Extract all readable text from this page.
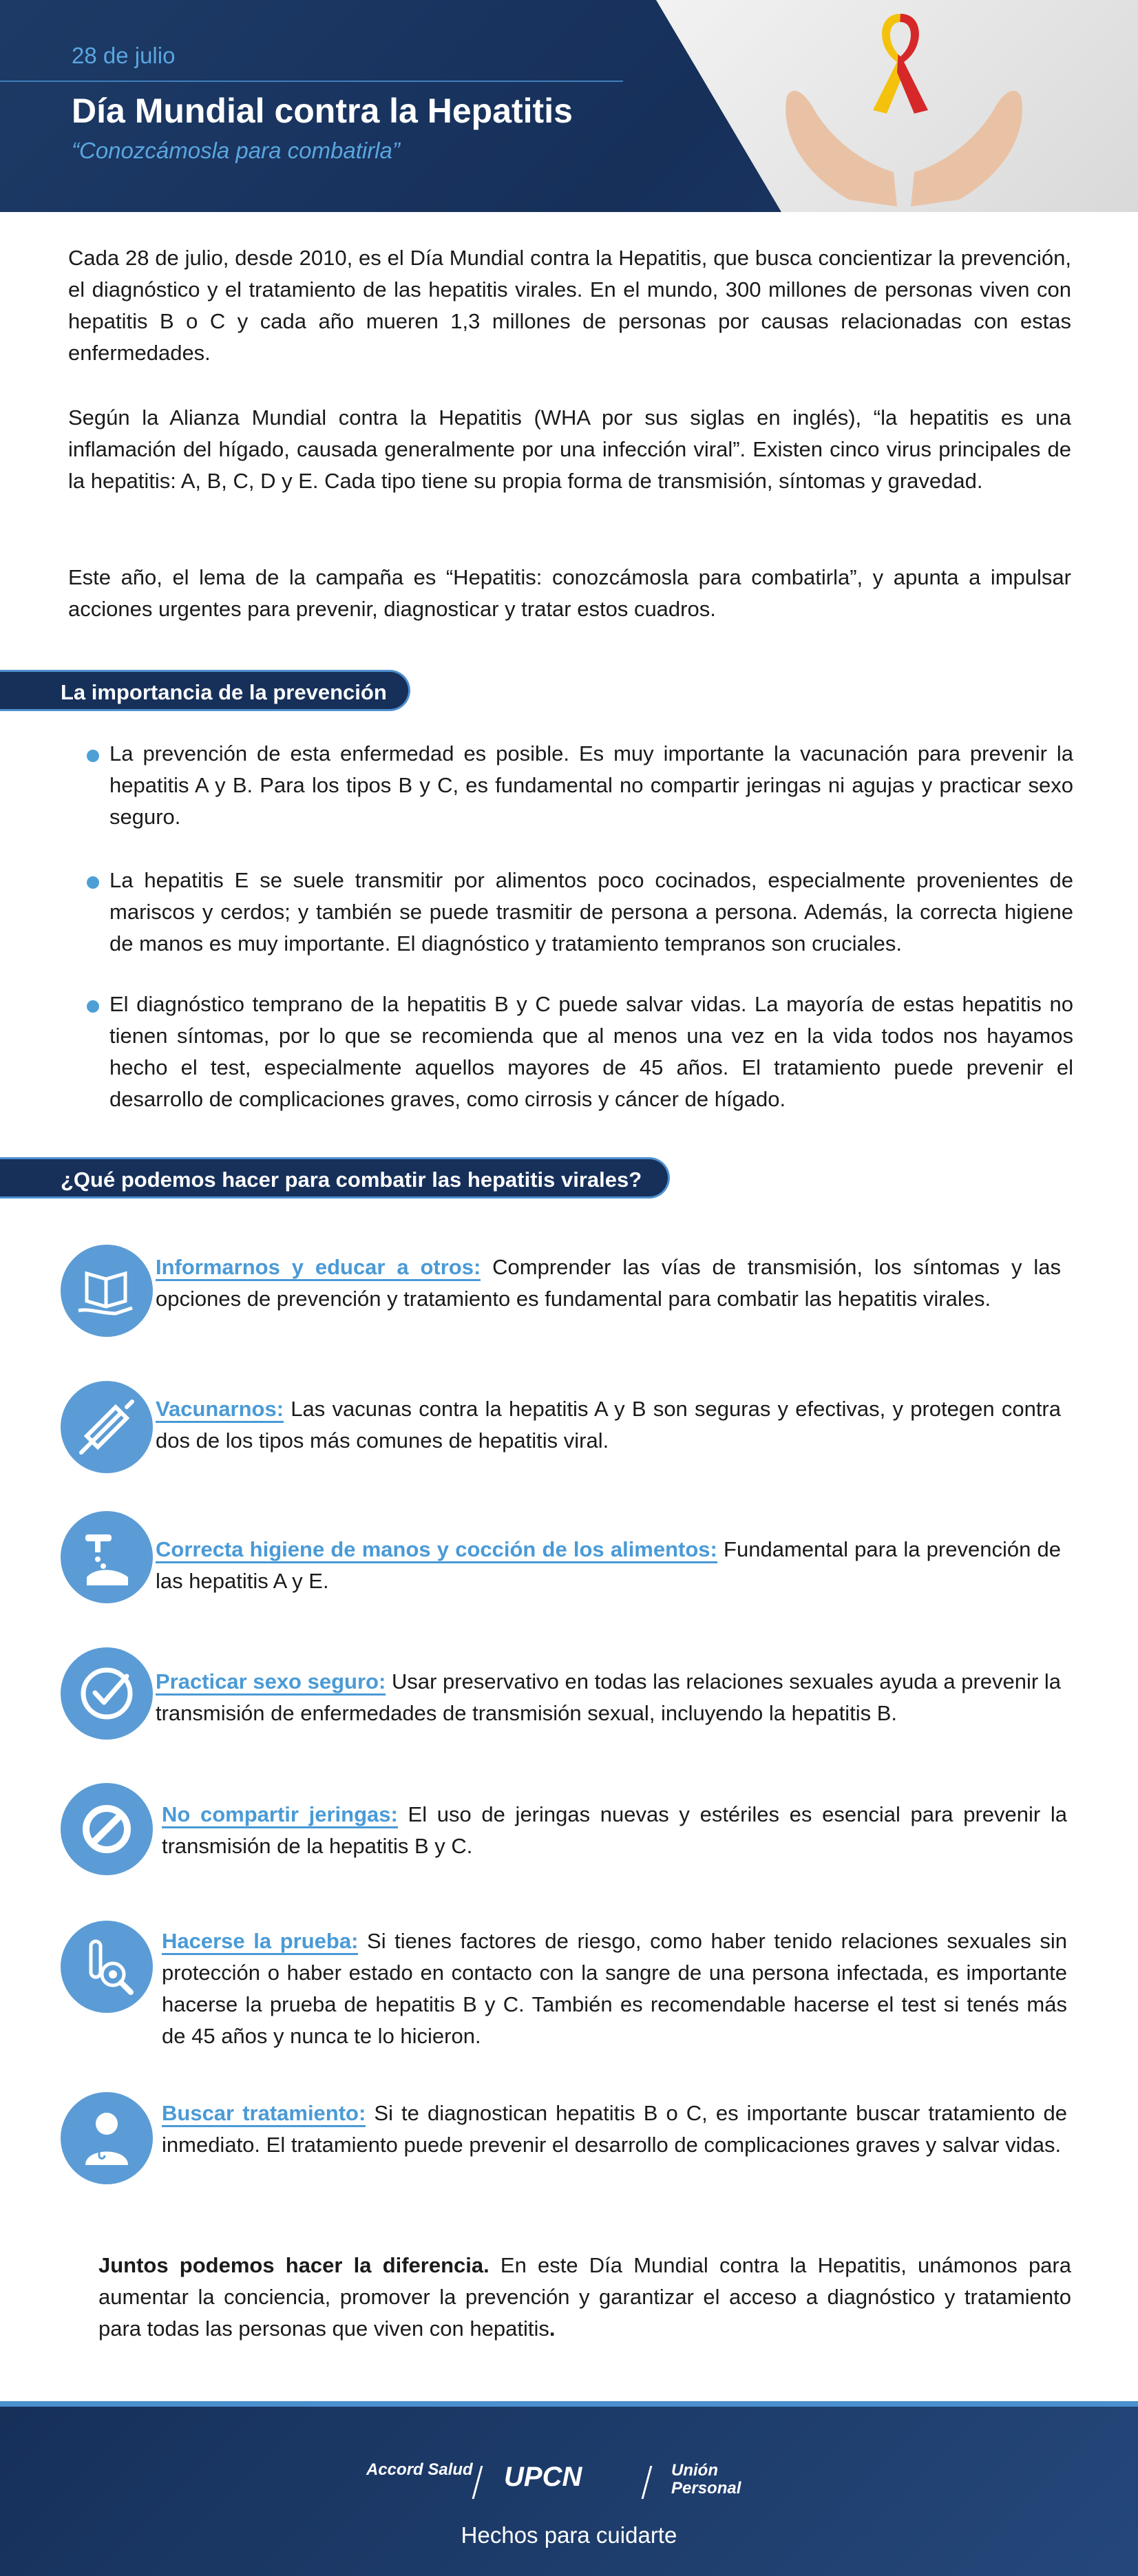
28 de julio
Día Mundial contra la Hepatitis
“Conozcámosla para combatirla”

Cada 28 de julio, desde 2010, es el Día Mundial contra la Hepatitis, que busca concientizar la prevención, el diagnóstico y el tratamiento de las hepatitis virales. En el mundo, 300 millones de personas viven con hepatitis B o C y cada año mueren 1,3 millones de personas por causas relacionadas con estas enfermedades.

Según la Alianza Mundial contra la Hepatitis (WHA por sus siglas en inglés), “la hepatitis es una inflamación del hígado, causada generalmente por una infección viral”. Existen cinco virus principales de la hepatitis: A, B, C, D y E. Cada tipo tiene su propia forma de transmisión, síntomas y gravedad.

Este año, el lema de la campaña es “Hepatitis: conozcámosla para combatirla”, y apunta a impulsar acciones urgentes para prevenir, diagnosticar y tratar estos cuadros.

La importancia de la prevención

La prevención de esta enfermedad es posible. Es muy importante la vacunación para prevenir la hepatitis A y B. Para los tipos B y C, es fundamental no compartir jeringas ni agujas y practicar sexo seguro.

La hepatitis E se suele transmitir por alimentos poco cocinados, especialmente provenientes de mariscos y cerdos; y también se puede trasmitir de persona a persona. Además, la correcta higiene de manos es muy importante. El diagnóstico y tratamiento tempranos son cruciales.

El diagnóstico temprano de la hepatitis B y C puede salvar vidas. La mayoría de estas hepatitis no tienen síntomas, por lo que se recomienda que al menos una vez en la vida todos nos hayamos hecho el test, especialmente aquellos mayores de 45 años. El tratamiento puede prevenir el desarrollo de complicaciones graves, como cirrosis y cáncer de hígado.

¿Qué podemos hacer para combatir las hepatitis virales?

Informarnos y educar a otros: Comprender las vías de transmisión, los síntomas y las opciones de prevención y tratamiento es fundamental para combatir las hepatitis virales.

Vacunarnos: Las vacunas contra la hepatitis A y B son seguras y efectivas, y protegen contra dos de los tipos más comunes de hepatitis viral.

Correcta higiene de manos y cocción de los alimentos: Fundamental para la prevención de las hepatitis A y E.

Practicar sexo seguro: Usar preservativo en todas las relaciones sexuales ayuda a prevenir la transmisión de enfermedades de transmisión sexual, incluyendo la hepatitis B.

No compartir jeringas: El uso de jeringas nuevas y estériles es esencial para prevenir la transmisión de la hepatitis B y C.

Hacerse la prueba: Si tienes factores de riesgo, como haber tenido relaciones sexuales sin protección o haber estado en contacto con la sangre de una persona infectada, es importante hacerse la prueba de hepatitis B y C. También es recomendable hacerse el test si tenés más de 45 años y nunca te lo hicieron.

Buscar tratamiento: Si te diagnostican hepatitis B o C, es importante buscar tratamiento de inmediato. El tratamiento puede prevenir el desarrollo de complicaciones graves y salvar vidas.

Juntos podemos hacer la diferencia. En este Día Mundial contra la Hepatitis, unámonos para aumentar la conciencia, promover la prevención y garantizar el acceso a diagnóstico y tratamiento para todas las personas que viven con hepatitis.

Accord Salud UPCN	Unión Personal
Hechos para cuidarte
